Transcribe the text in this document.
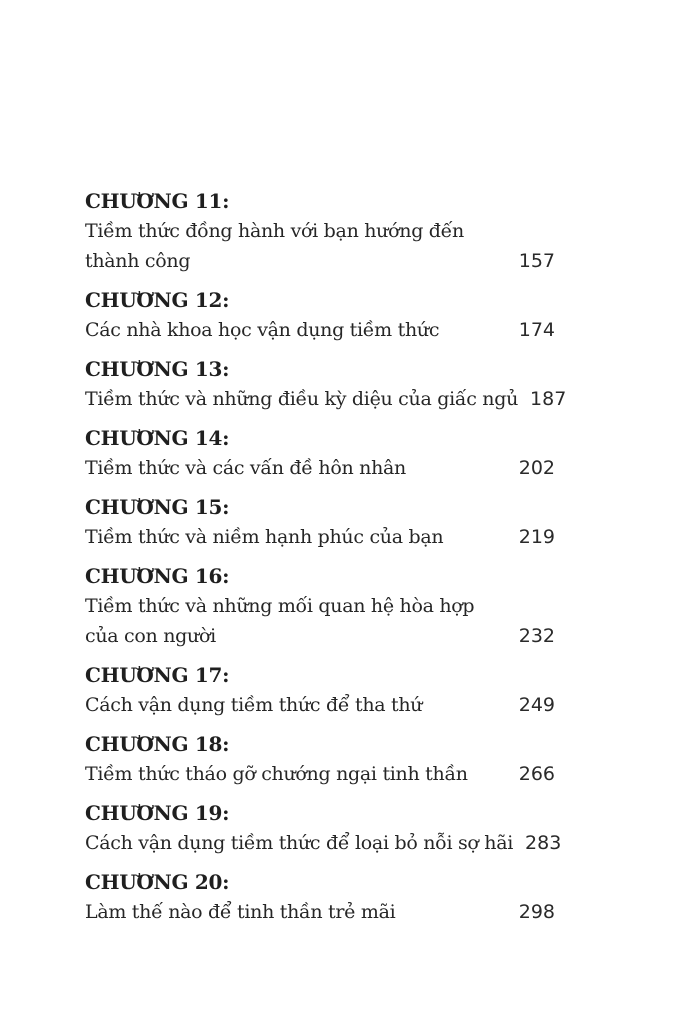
CHƯƠNG 11:
Tiềm thức đồng hành với bạn hướng đến
thành công	157
CHƯƠNG 12:
Các nhà khoa học vận dụng tiềm thức	174
CHƯƠNG 13:
Tiềm thức và những điều kỳ diệu của giấc ngủ 187
CHƯƠNG 14:
Tiềm thức và các vấn đề hôn nhân	202
CHƯƠNG 15:
Tiềm thức và niềm hạnh phúc của bạn	219
CHƯƠNG 16:
Tiềm thức và những mối quan hệ hòa hợp
của con người	232
CHƯƠNG 17:
Cách vận dụng tiềm thức để tha thứ	249
CHƯƠNG 18:
Tiềm thức tháo gỡ chướng ngại tinh thần	266
CHƯƠNG 19:
Cách vận dụng tiềm thức để loại bỏ nỗi sợ hãi 283
CHƯƠNG 20:
Làm thế nào để tinh thần trẻ mãi	298
